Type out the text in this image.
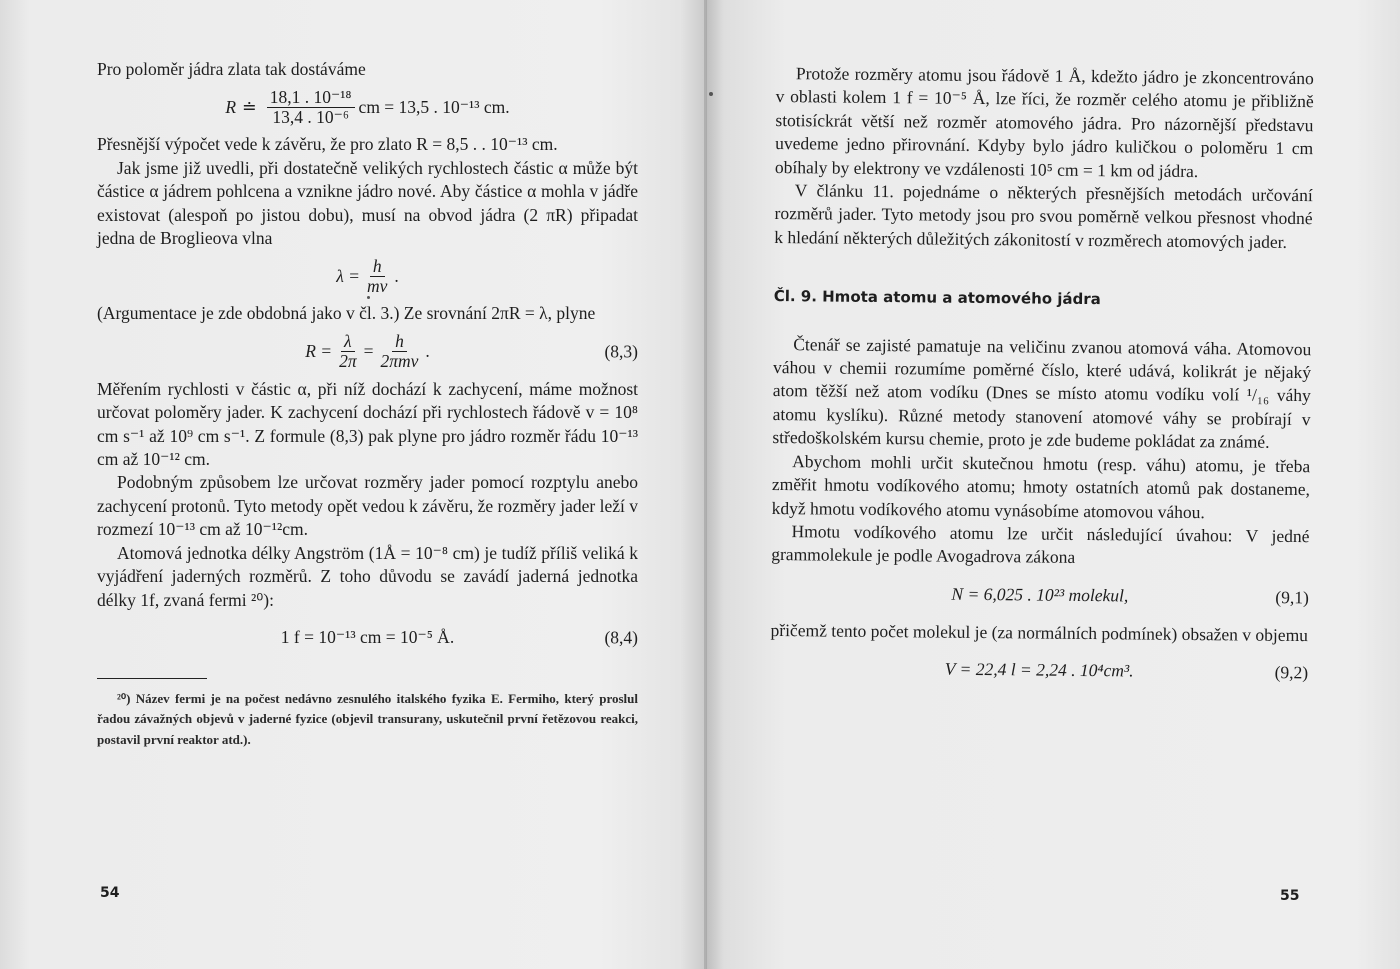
Pro poloměr jádra zlata tak dostáváme

R ≐ $\frac{\text{18,1 . 10⁻¹⁸}}{\text{13,4 . 10⁻⁶}}$ cm = 13,5 . 10⁻¹³ cm.

Přesnější výpočet vede k závěru, že pro zlato R = 8,5 . . 10⁻¹³ cm.

Jak jsme již uvedli, při dostatečně velikých rychlostech částic α může být částice α jádrem pohlcena a vznikne jádro nové. Aby částice α mohla v jádře existovat (alespoň po jistou dobu), musí na obvod jádra (2 πR) připadat jedna de Broglieova vlna

$\lambda = \frac{h}{mv}$ .

(Argumentace je zde obdobná jako v čl. 3.) Ze srovnání 2πR = λ, plyne

$R = \frac{\lambda}{2\pi} = \frac{h}{\text{2πmv}}$ .	(8,3)

Měřením rychlosti v částic α, při níž dochází k zachycení, máme možnost určovat poloměry jader. K zachycení dochází při rychlostech řádově v = 10⁸ cm s⁻¹ až 10⁹ cm s⁻¹. Z formule (8,3) pak plyne pro jádro rozměr řádu 10⁻¹³ cm až 10⁻¹² cm.

Podobným způsobem lze určovat rozměry jader pomocí rozptylu anebo zachycení protonů. Tyto metody opět vedou k závěru, že rozměry jader leží v rozmezí 10⁻¹³ cm až 10⁻¹²cm.

Atomová jednotka délky Angström (1Å = 10⁻⁸ cm) je tudíž příliš veliká k vyjádření jaderných rozměrů. Z toho důvodu se zavádí jaderná jednotka délky 1f, zvaná fermi ²⁰):

1 f = 10⁻¹³ cm = 10⁻⁵ Å.	(8,4)

²⁰) Název fermi je na počest nedávno zesnulého italského fyzika E. Fermiho, který proslul řadou závažných objevů v jaderné fyzice (objevil transurany, uskutečnil první řetězovou reakci, postavil první reaktor atd.).

54

Protože rozměry atomu jsou řádově 1 Å, kdežto jádro je zkoncentrováno v oblasti kolem 1 f = 10⁻⁵ Å, lze říci, že rozměr celého atomu je přibližně stotisíckrát větší než rozměr atomového jádra. Pro názornější představu uvedeme jedno přirovnání. Kdyby bylo jádro kuličkou o poloměru 1 cm obíhaly by elektrony ve vzdálenosti 10⁵ cm = 1 km od jádra.

V článku 11. pojednáme o některých přesnějších metodách určování rozměrů jader. Tyto metody jsou pro svou poměrně velkou přesnost vhodné k hledání některých důležitých zákonitostí v rozměrech atomových jader.

Čl. 9. Hmota atomu a atomového jádra

Čtenář se zajisté pamatuje na veličinu zvanou atomová váha. Atomovou váhou v chemii rozumíme poměrné číslo, které udává, kolikrát je nějaký atom těžší než atom vodíku (Dnes se místo atomu vodíku volí ¹/₁₆ váhy atomu kyslíku). Různé metody stanovení atomové váhy se probírají v středoškolském kursu chemie, proto je zde budeme pokládat za známé.

Abychom mohli určit skutečnou hmotu (resp. váhu) atomu, je třeba změřit hmotu vodíkového atomu; hmoty ostatních atomů pak dostaneme, když hmotu vodíkového atomu vynásobíme atomovou váhou.

Hmotu vodíkového atomu lze určit následující úvahou: V jedné grammolekule je podle Avogadrova zákona

N = 6,025 . 10²³ molekul,	(9,1)

přičemž tento počet molekul je (za normálních podmínek) obsažen v objemu

V = 22,4 l = 2,24 . 10⁴cm³.	(9,2)
55
